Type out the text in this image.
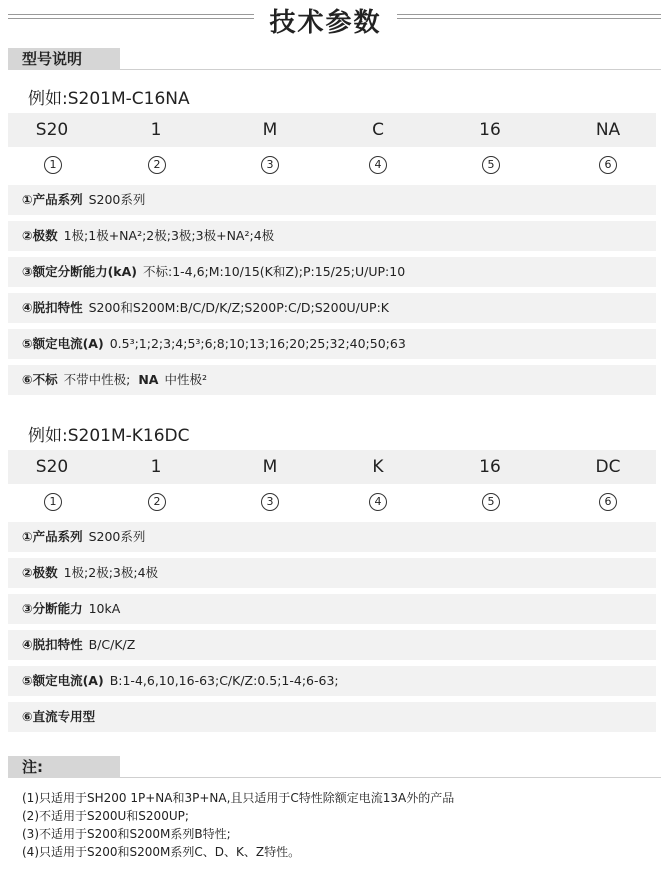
技术参数
型号说明
例如:S201M-C16NA
S20	1	M	C	16	NA
1	2	3	4	5	6
①产品系列 S200系列
②极数 1极;1极+NA²;2极;3极;3极+NA²;4极
③额定分断能力(kA) 不标:1-4,6;M:10/15(K和Z);P:15/25;U/UP:10
④脱扣特性 S200和S200M:B/C/D/K/Z;S200P:C/D;S200U/UP:K
⑤额定电流(A) 0.5³;1;2;3;4;5³;6;8;10;13;16;20;25;32;40;50;63
⑥不标 不带中性极; NA 中性极²
例如:S201M-K16DC
S20	1	M	K	16	DC
1	2	3	4	5	6
①产品系列 S200系列
②极数 1极;2极;3极;4极
③分断能力 10kA
④脱扣特性 B/C/K/Z
⑤额定电流(A) B:1-4,6,10,16-63;C/K/Z:0.5;1-4;6-63;
⑥直流专用型
注:
(1)只适用于SH200 1P+NA和3P+NA,且只适用于C特性除额定电流13A外的产品
(2)不适用于S200U和S200UP;
(3)不适用于S200和S200M系列B特性;
(4)只适用于S200和S200M系列C、D、K、Z特性。
